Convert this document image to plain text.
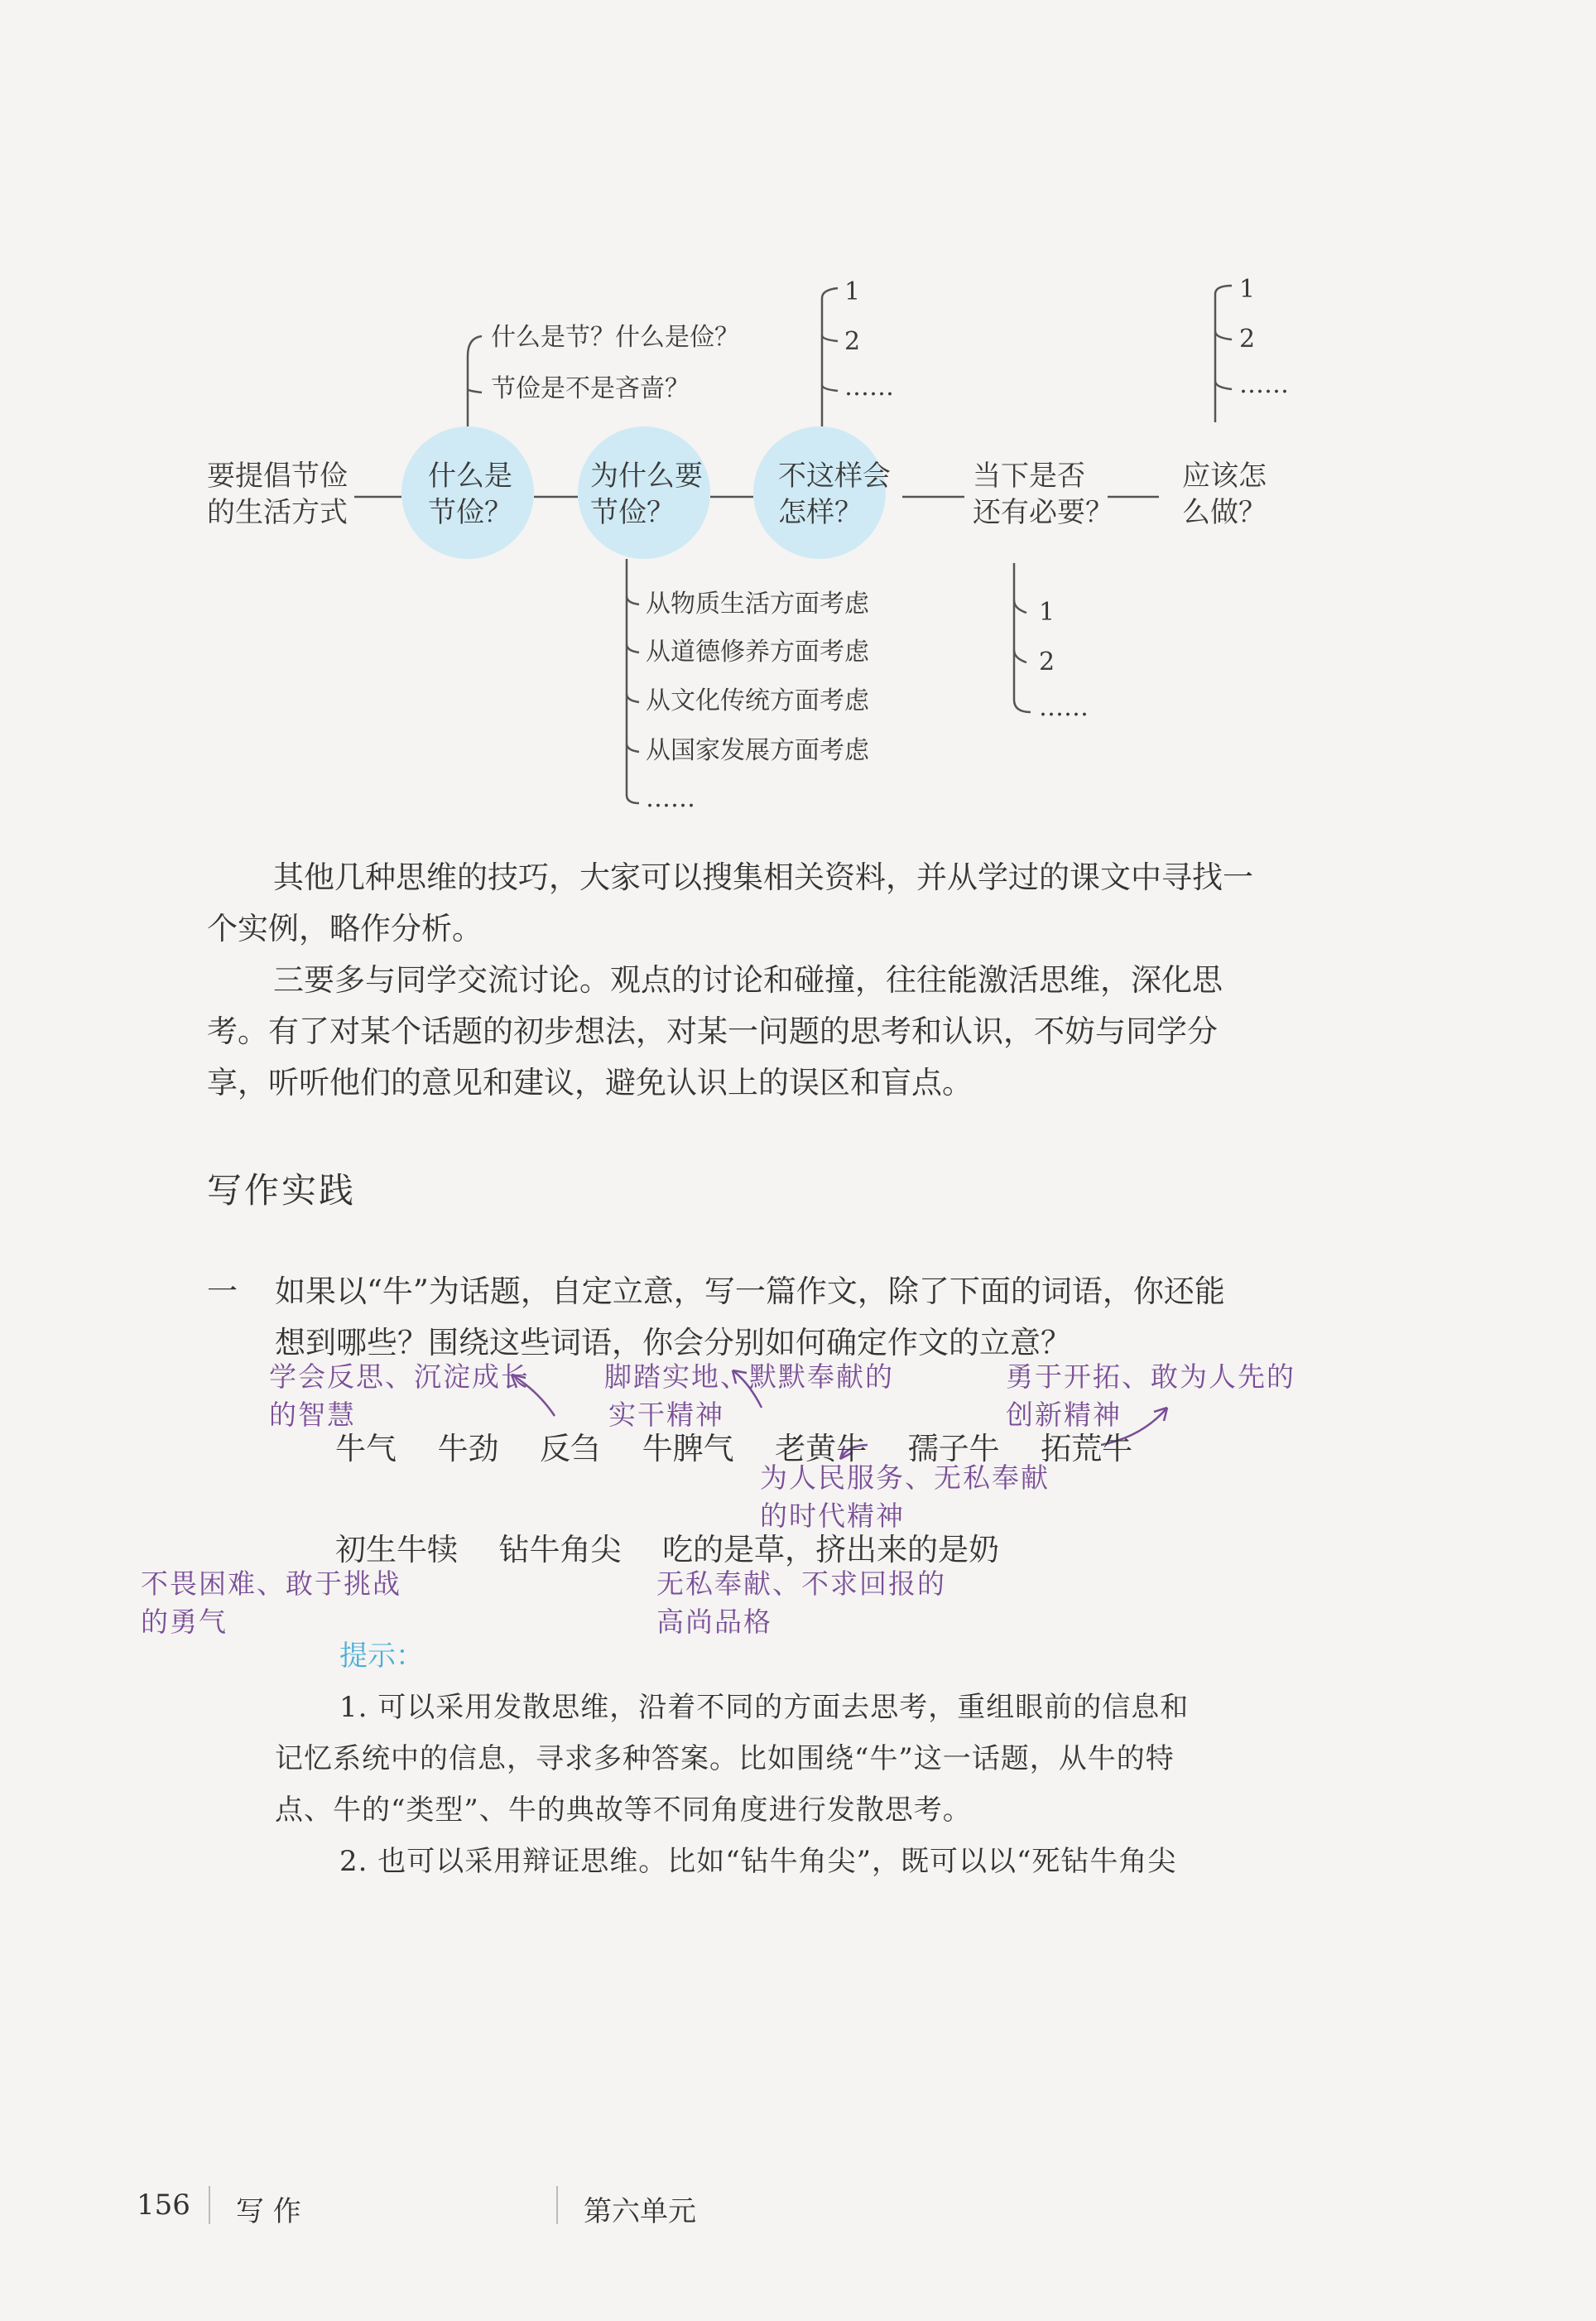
要提倡节俭
的生活方式
什么是
节俭？
什么是节？什么是俭？
节俭是不是吝啬？
为什么要
节俭？
从物质生活方面考虑
从道德修养方面考虑
从文化传统方面考虑
从国家发展方面考虑
……
不这样会
怎样？
1
2
……
当下是否
还有必要？
1
2
……
应该怎
么做？
1
2
……
其他几种思维的技巧，大家可以搜集相关资料，并从学过的课文中寻找一
个实例，略作分析。
三要多与同学交流讨论。观点的讨论和碰撞，往往能激活思维，深化思
考。有了对某个话题的初步想法，对某一问题的思考和认识，不妨与同学分
享，听听他们的意见和建议，避免认识上的误区和盲点。
写作实践
一 如果以“牛”为话题，自定立意，写一篇作文，除了下面的词语，你还能
想到哪些？围绕这些词语，你会分别如何确定作文的立意？
学会反思、沉淀成长
的智慧
脚踏实地、默默奉献的
实干精神
勇于开拓、敢为人先的
创新精神
牛气 牛劲 反刍 牛脾气 老黄牛 孺子牛 拓荒牛
为人民服务、无私奉献
的时代精神
初生牛犊 钻牛角尖 吃的是草，挤出来的是奶
不畏困难、敢于挑战
的勇气
无私奉献、不求回报的
高尚品格
提示：
1. 可以采用发散思维，沿着不同的方面去思考，重组眼前的信息和
记忆系统中的信息，寻求多种答案。比如围绕“牛”这一话题，从牛的特
点、牛的“类型”、牛的典故等不同角度进行发散思考。
2. 也可以采用辩证思维。比如“钻牛角尖”，既可以以“死钻牛角尖
156 写 作	第六单元
